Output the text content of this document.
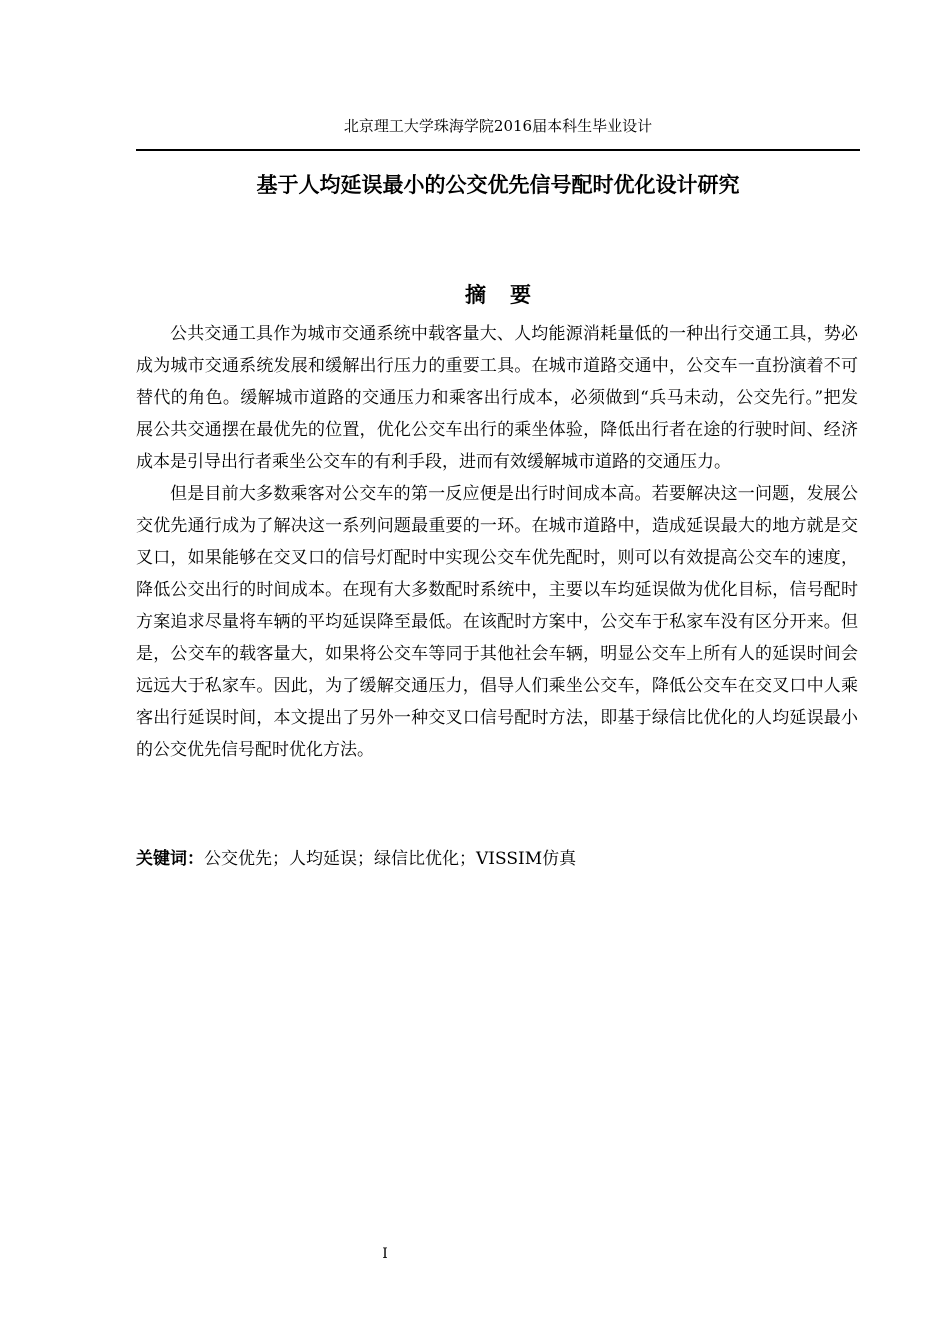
北京理工大学珠海学院2016届本科生毕业设计
基于人均延误最小的公交优先信号配时优化设计研究
摘要

公共交通工具作为城市交通系统中载客量大、人均能源消耗量低的一种出行交通工具，势必成为城市交通系统发展和缓解出行压力的重要工具。在城市道路交通中，公交车一直扮演着不可替代的角色。缓解城市道路的交通压力和乘客出行成本，必须做到“兵马未动，公交先行。”把发展公共交通摆在最优先的位置，优化公交车出行的乘坐体验，降低出行者在途的行驶时间、经济成本是引导出行者乘坐公交车的有利手段，进而有效缓解城市道路的交通压力。

但是目前大多数乘客对公交车的第一反应便是出行时间成本高。若要解决这一问题，发展公交优先通行成为了解决这一系列问题最重要的一环。在城市道路中，造成延误最大的地方就是交叉口，如果能够在交叉口的信号灯配时中实现公交车优先配时，则可以有效提高公交车的速度，降低公交出行的时间成本。在现有大多数配时系统中，主要以车均延误做为优化目标，信号配时方案追求尽量将车辆的平均延误降至最低。在该配时方案中，公交车于私家车没有区分开来。但是，公交车的载客量大，如果将公交车等同于其他社会车辆，明显公交车上所有人的延误时间会远远大于私家车。因此，为了缓解交通压力，倡导人们乘坐公交车，降低公交车在交叉口中人乘客出行延误时间，本文提出了另外一种交叉口信号配时方法，即基于绿信比优化的人均延误最小的公交优先信号配时优化方法。

关键词：公交优先；人均延误；绿信比优化；VISSIM仿真
I
